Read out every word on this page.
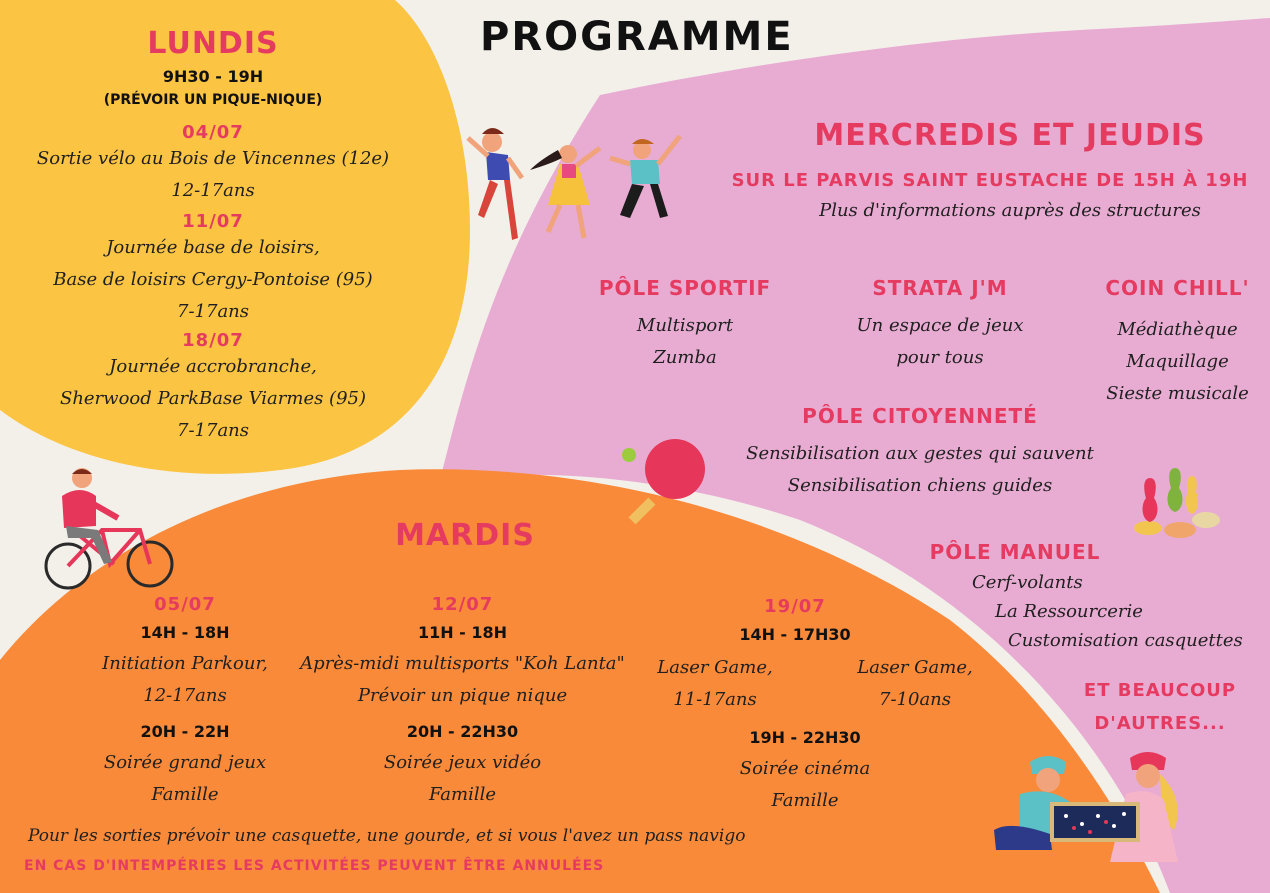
PROGRAMME
LUNDIS
9H30 - 19H
(PRÉVOIR UN PIQUE-NIQUE)
04/07
Sortie vélo au Bois de Vincennes (12e)
12-17ans
11/07
Journée base de loisirs,
Base de loisirs Cergy-Pontoise (95)
7-17ans
18/07
Journée accrobranche,
Sherwood ParkBase Viarmes (95)
7-17ans
MERCREDIS ET JEUDIS
SUR LE PARVIS SAINT EUSTACHE DE 15H À 19H
Plus d'informations auprès des structures
PÔLE SPORTIF
Multisport
Zumba
STRATA J'M
Un espace de jeux
pour tous
COIN CHILL'
Médiathèque
Maquillage
Sieste musicale
PÔLE CITOYENNETÉ
Sensibilisation aux gestes qui sauvent
Sensibilisation chiens guides
PÔLE MANUEL
Cerf-volants
La Ressourcerie
Customisation casquettes
ET BEAUCOUP
D'AUTRES...
MARDIS
05/07
14H - 18H
Initiation Parkour,
12-17ans
20H - 22H
Soirée grand jeux
Famille
12/07
11H - 18H
Après-midi multisports "Koh Lanta"
Prévoir un pique nique
20H - 22H30
Soirée jeux vidéo
Famille
19/07
14H - 17H30
Laser Game,
11-17ans
Laser Game,
7-10ans
19H - 22H30
Soirée cinéma
Famille
Pour les sorties prévoir une casquette, une gourde, et si vous l'avez un pass navigo
EN CAS D'INTEMPÉRIES LES ACTIVITÉES PEUVENT ÊTRE ANNULÉES
